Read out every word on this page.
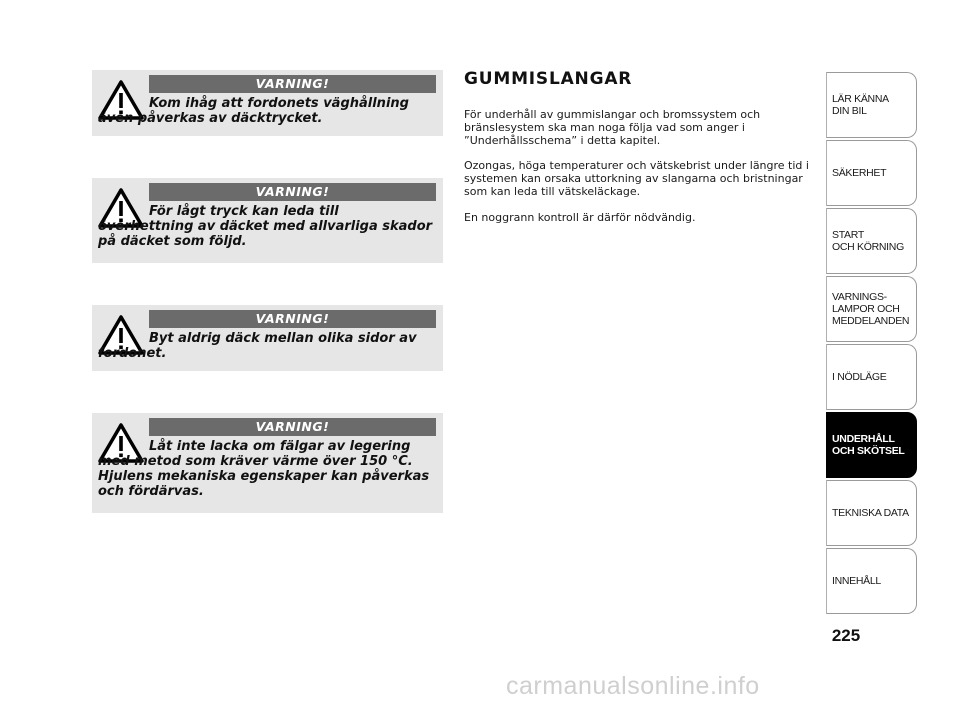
VARNING!
Kom ihåg att fordonets väghållning även påverkas av däcktrycket.
VARNING!
För lågt tryck kan leda till överhettning av däcket med allvarliga skador på däcket som följd.
VARNING!
Byt aldrig däck mellan olika sidor av fordonet.
VARNING!
Låt inte lacka om fälgar av legering med metod som kräver värme över 150 °C. Hjulens mekaniska egenskaper kan påverkas och fördärvas.
GUMMISLANGAR
För underhåll av gummislangar och bromssystem och bränslesystem ska man noga följa vad som anger i ”Underhållsschema” i detta kapitel.
Ozongas, höga temperaturer och vätskebrist under längre tid i systemen kan orsaka uttorkning av slangarna och bristningar som kan leda till vätskeläckage.
En noggrann kontroll är därför nödvändig.
LÄR KÄNNA
DIN BIL
SÄKERHET
START
OCH KÖRNING
VARNINGS-
LAMPOR OCH
MEDDELANDEN
I NÖDLÄGE
UNDERHÅLL
OCH SKÖTSEL
TEKNISKA DATA
INNEHÅLL
225
carmanualsonline.info
